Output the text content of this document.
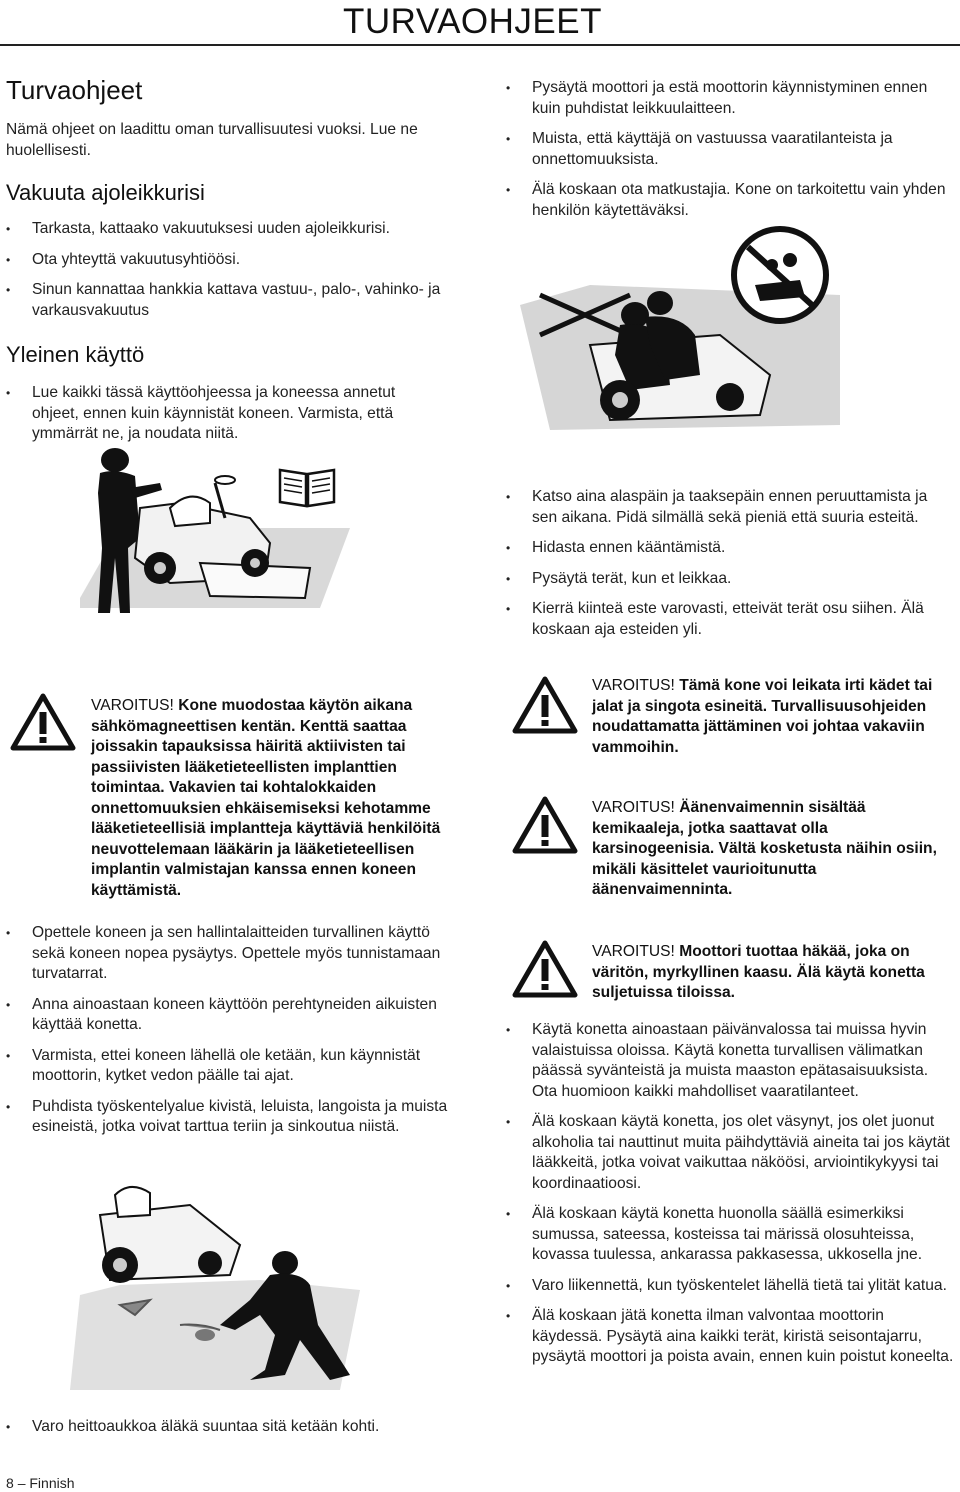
TURVAOHJEET
Turvaohjeet

Nämä ohjeet on laadittu oman turvallisuutesi vuoksi. Lue ne huolellisesti.

Vakuuta ajoleikkurisi
• Tarkasta, kattaako vakuutuksesi uuden ajoleikkurisi.
• Ota yhteyttä vakuutusyhtiöösi.
• Sinun kannattaa hankkia kattava vastuu-, palo-, vahinko- ja varkausvakuutus
Yleinen käyttö
• Lue kaikki tässä käyttöohjeessa ja koneessa annetut ohjeet, ennen kuin käynnistät koneen. Varmista, että ymmärrät ne, ja noudata niitä.
VAROITUS! Kone muodostaa käytön aikana sähkömagneettisen kentän. Kenttä saattaa joissakin tapauksissa häiritä aktiivisten tai passiivisten lääketieteellisten implanttien toimintaa. Vakavien tai kohtalokkaiden onnettomuuksien ehkäisemiseksi kehotamme lääketieteellisiä implantteja käyttäviä henkilöitä neuvottelemaan lääkärin ja lääketieteellisen implantin valmistajan kanssa ennen koneen käyttämistä.
• Opettele koneen ja sen hallintalaitteiden turvallinen käyttö sekä koneen nopea pysäytys. Opettele myös tunnistamaan turvatarrat.
• Anna ainoastaan koneen käyttöön perehtyneiden aikuisten käyttää konetta.
• Varmista, ettei koneen lähellä ole ketään, kun käynnistät moottorin, kytket vedon päälle tai ajat.
• Puhdista työskentelyalue kivistä, leluista, langoista ja muista esineistä, jotka voivat tarttua teriin ja sinkoutua niistä.
• Varo heittoaukkoa äläkä suuntaa sitä ketään kohti.
• Pysäytä moottori ja estä moottorin käynnistyminen ennen kuin puhdistat leikkuulaitteen.
• Muista, että käyttäjä on vastuussa vaaratilanteista ja onnettomuuksista.
• Älä koskaan ota matkustajia. Kone on tarkoitettu vain yhden henkilön käytettäväksi.
• Katso aina alaspäin ja taaksepäin ennen peruuttamista ja sen aikana. Pidä silmällä sekä pieniä että suuria esteitä.
• Hidasta ennen kääntämistä.
• Pysäytä terät, kun et leikkaa.
• Kierrä kiinteä este varovasti, etteivät terät osu siihen. Älä koskaan aja esteiden yli.
VAROITUS! Tämä kone voi leikata irti kädet tai jalat ja singota esineitä. Turvallisuusohjeiden noudattamatta jättäminen voi johtaa vakaviin vammoihin.
VAROITUS! Äänenvaimennin sisältää kemikaaleja, jotka saattavat olla karsinogeenisia. Vältä kosketusta näihin osiin, mikäli käsittelet vaurioitunutta äänenvaimenninta.
VAROITUS! Moottori tuottaa häkää, joka on väritön, myrkyllinen kaasu. Älä käytä konetta suljetuissa tiloissa.
• Käytä konetta ainoastaan päivänvalossa tai muissa hyvin valaistuissa oloissa. Käytä konetta turvallisen välimatkan päässä syvänteistä ja muista maaston epätasaisuuksista. Ota huomioon kaikki mahdolliset vaaratilanteet.
• Älä koskaan käytä konetta, jos olet väsynyt, jos olet juonut alkoholia tai nauttinut muita päihdyttäviä aineita tai jos käytät lääkkeitä, jotka voivat vaikuttaa näköösi, arviointikykyysi tai koordinaatioosi.
• Älä koskaan käytä konetta huonolla säällä esimerkiksi sumussa, sateessa, kosteissa tai märissä olosuhteissa, kovassa tuulessa, ankarassa pakkasessa, ukkosella jne.
• Varo liikennettä, kun työskentelet lähellä tietä tai ylität katua.
• Älä koskaan jätä konetta ilman valvontaa moottorin käydessä. Pysäytä aina kaikki terät, kiristä seisontajarru, pysäytä moottori ja poista avain, ennen kuin poistut koneelta.
8 – Finnish
